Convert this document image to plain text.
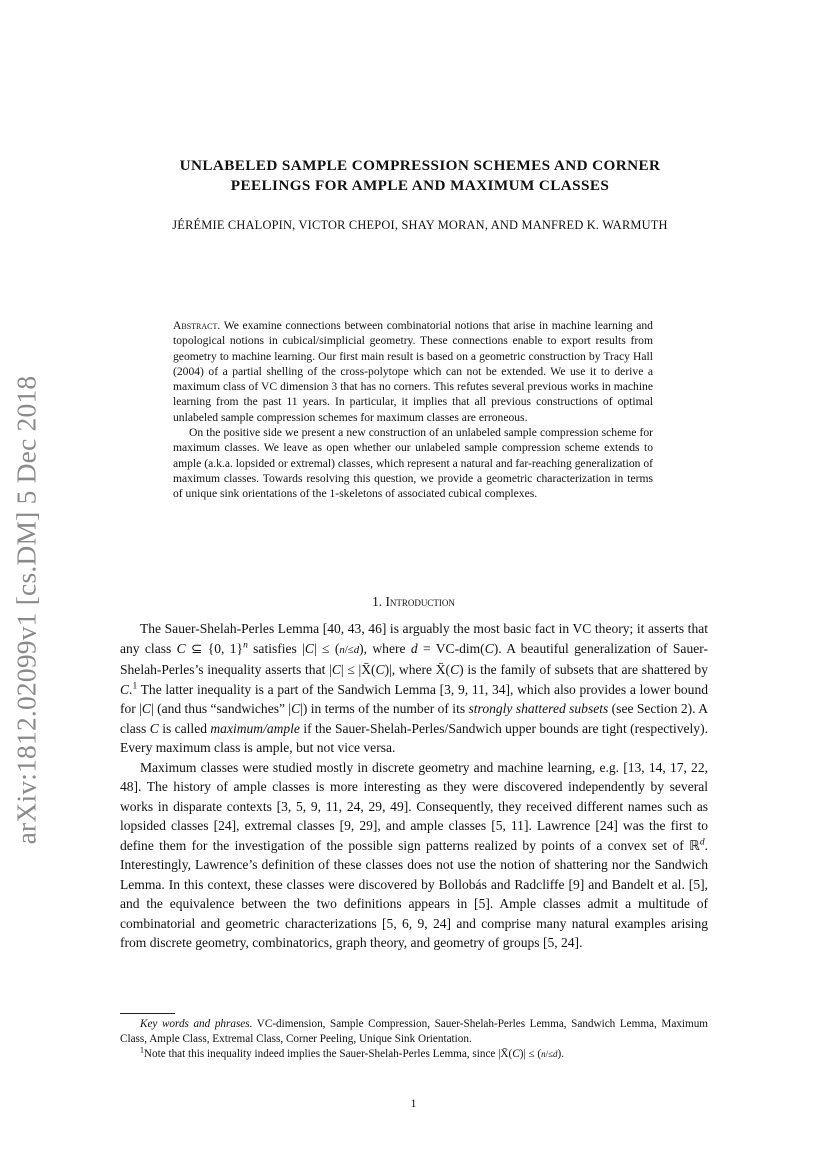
arXiv:1812.02099v1 [cs.DM] 5 Dec 2018
UNLABELED SAMPLE COMPRESSION SCHEMES AND CORNER
PEELINGS FOR AMPLE AND MAXIMUM CLASSES
JÉRÉMIE CHALOPIN, VICTOR CHEPOI, SHAY MORAN, AND MANFRED K. WARMUTH

Abstract. We examine connections between combinatorial notions that arise in machine learning and topological notions in cubical/simplicial geometry. These connections enable to export results from geometry to machine learning. Our first main result is based on a geometric construction by Tracy Hall (2004) of a partial shelling of the cross-polytope which can not be extended. We use it to derive a maximum class of VC dimension 3 that has no corners. This refutes several previous works in machine learning from the past 11 years. In particular, it implies that all previous constructions of optimal unlabeled sample compression schemes for maximum classes are erroneous.

On the positive side we present a new construction of an unlabeled sample compression scheme for maximum classes. We leave as open whether our unlabeled sample compression scheme extends to ample (a.k.a. lopsided or extremal) classes, which represent a natural and far-reaching generalization of maximum classes. Towards resolving this question, we provide a geometric characterization in terms of unique sink orientations of the 1-skeletons of associated cubical complexes.

1. Introduction

The Sauer-Shelah-Perles Lemma [40, 43, 46] is arguably the most basic fact in VC theory; it asserts that any class C ⊆ {0, 1}$^n$ satisfies |C| ≤ (n/≤d), where d = VC-dim(C). A beautiful generalization of Sauer-Shelah-Perles’s inequality asserts that |C| ≤ |X̄(C)|, where X̄(C) is the family of subsets that are shattered by C.$^1$ The latter inequality is a part of the Sandwich Lemma [3, 9, 11, 34], which also provides a lower bound for |C| (and thus “sandwiches” |C|) in terms of the number of its strongly shattered subsets (see Section 2). A class C is called maximum/ample if the Sauer-Shelah-Perles/Sandwich upper bounds are tight (respectively). Every maximum class is ample, but not vice versa.

Maximum classes were studied mostly in discrete geometry and machine learning, e.g. [13, 14, 17, 22, 48]. The history of ample classes is more interesting as they were discovered independently by several works in disparate contexts [3, 5, 9, 11, 24, 29, 49]. Consequently, they received different names such as lopsided classes [24], extremal classes [9, 29], and ample classes [5, 11]. Lawrence [24] was the first to define them for the investigation of the possible sign patterns realized by points of a convex set of ℝ$^d$. Interestingly, Lawrence’s definition of these classes does not use the notion of shattering nor the Sandwich Lemma. In this context, these classes were discovered by Bollobás and Radcliffe [9] and Bandelt et al. [5], and the equivalence between the two definitions appears in [5]. Ample classes admit a multitude of combinatorial and geometric characterizations [5, 6, 9, 24] and comprise many natural examples arising from discrete geometry, combinatorics, graph theory, and geometry of groups [5, 24].

Key words and phrases. VC-dimension, Sample Compression, Sauer-Shelah-Perles Lemma, Sandwich Lemma, Maximum Class, Ample Class, Extremal Class, Corner Peeling, Unique Sink Orientation.

$^1$Note that this inequality indeed implies the Sauer-Shelah-Perles Lemma, since |X̄(C)| ≤ (n/≤d).

1
